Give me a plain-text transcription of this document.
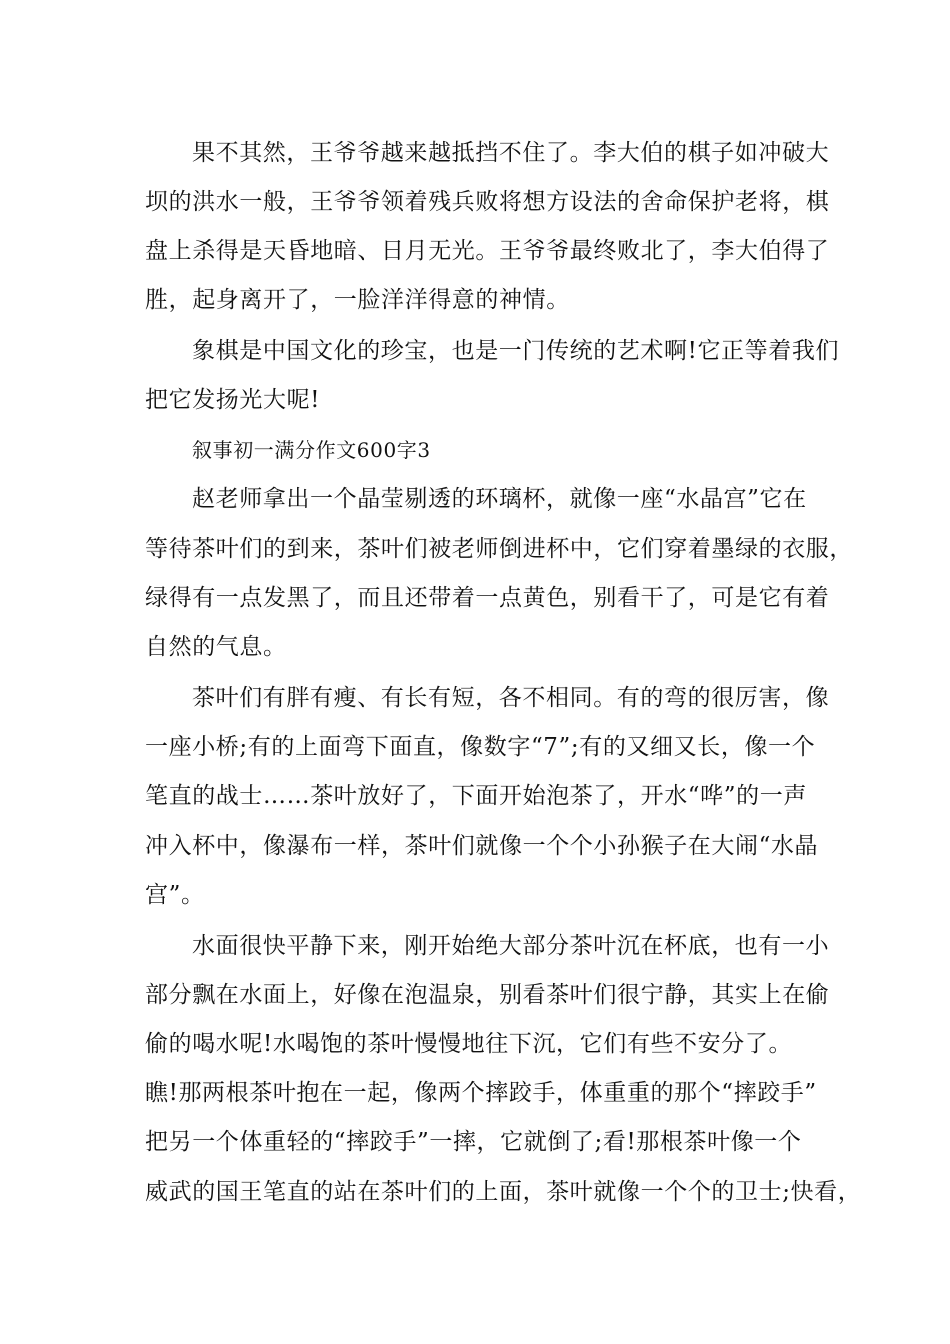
果不其然，王爷爷越来越抵挡不住了。李大伯的棋子如冲破大
坝的洪水一般，王爷爷领着残兵败将想方设法的舍命保护老将，棋
盘上杀得是天昏地暗、日月无光。王爷爷最终败北了，李大伯得了
胜，起身离开了，一脸洋洋得意的神情。
象棋是中国文化的珍宝，也是一门传统的艺术啊!它正等着我们
把它发扬光大呢!
叙事初一满分作文600字3
赵老师拿出一个晶莹剔透的环璃杯，就像一座“水晶宫”它在
等待茶叶们的到来，茶叶们被老师倒进杯中，它们穿着墨绿的衣服，
绿得有一点发黑了，而且还带着一点黄色，别看干了，可是它有着
自然的气息。
茶叶们有胖有瘦、有长有短，各不相同。有的弯的很厉害，像
一座小桥;有的上面弯下面直，像数字“7”;有的又细又长，像一个
笔直的战士……茶叶放好了，下面开始泡茶了，开水“哗”的一声
冲入杯中，像瀑布一样，茶叶们就像一个个小孙猴子在大闹“水晶
宫”。
水面很快平静下来，刚开始绝大部分茶叶沉在杯底，也有一小
部分飘在水面上，好像在泡温泉，别看茶叶们很宁静，其实上在偷
偷的喝水呢!水喝饱的茶叶慢慢地往下沉，它们有些不安分了。
瞧!那两根茶叶抱在一起，像两个摔跤手，体重重的那个“摔跤手”
把另一个体重轻的“摔跤手”一摔，它就倒了;看!那根茶叶像一个
威武的国王笔直的站在茶叶们的上面，茶叶就像一个个的卫士;快看，
